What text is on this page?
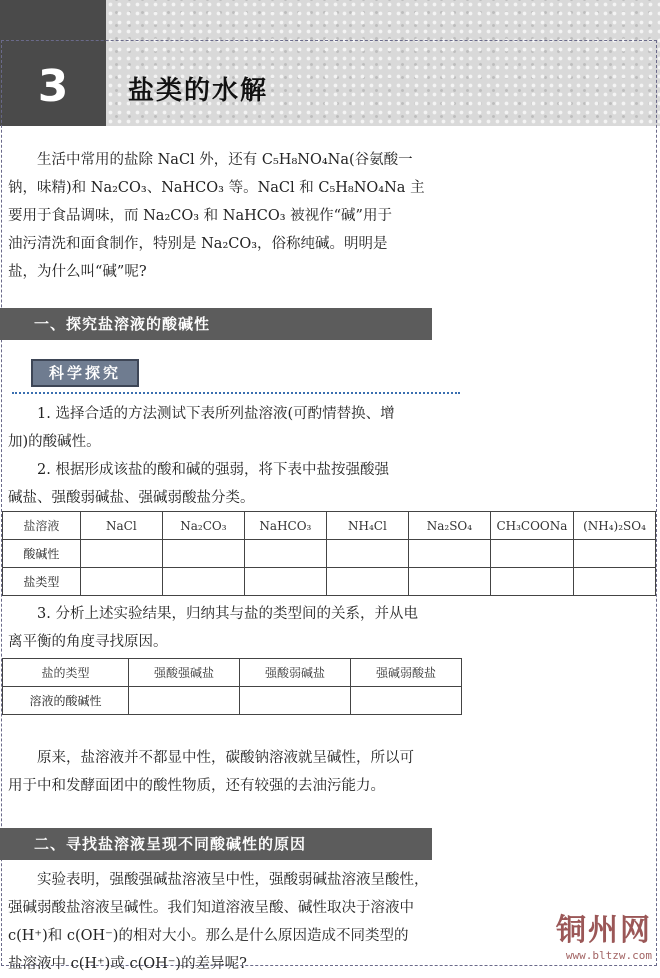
3	盐类的水解

　　生活中常用的盐除 NaCl 外，还有 C₅H₈NO₄Na(谷氨酸一

钠，味精)和 Na₂CO₃、NaHCO₃ 等。NaCl 和 C₅H₈NO₄Na 主

要用于食品调味，而 Na₂CO₃ 和 NaHCO₃ 被视作“碱”用于

油污清洗和面食制作，特别是 Na₂CO₃，俗称纯碱。明明是

盐，为什么叫“碱”呢?

一、探究盐溶液的酸碱性
科学探究

　　1. 选择合适的方法测试下表所列盐溶液(可酌情替换、增

加)的酸碱性。

　　2. 根据形成该盐的酸和碱的强弱，将下表中盐按强酸强

碱盐、强酸弱碱盐、强碱弱酸盐分类。

盐溶液	NaCl	Na₂CO₃	NaHCO₃	NH₄Cl	Na₂SO₄	CH₃COONa	(NH₄)₂SO₄
酸碱性							
盐类型							

　　3. 分析上述实验结果，归纳其与盐的类型间的关系，并从电

离平衡的角度寻找原因。

盐的类型	强酸强碱盐	强酸弱碱盐	强碱弱酸盐
溶液的酸碱性			

　　原来，盐溶液并不都显中性，碳酸钠溶液就呈碱性，所以可

用于中和发酵面团中的酸性物质，还有较强的去油污能力。

二、寻找盐溶液呈现不同酸碱性的原因

　　实验表明，强酸强碱盐溶液呈中性，强酸弱碱盐溶液呈酸性，

强碱弱酸盐溶液呈碱性。我们知道溶液呈酸、碱性取决于溶液中

c(H⁺)和 c(OH⁻)的相对大小。那么是什么原因造成不同类型的

盐溶液中 c(H⁺)或 c(OH⁻)的差异呢?

铜州网
www.bltzw.com
